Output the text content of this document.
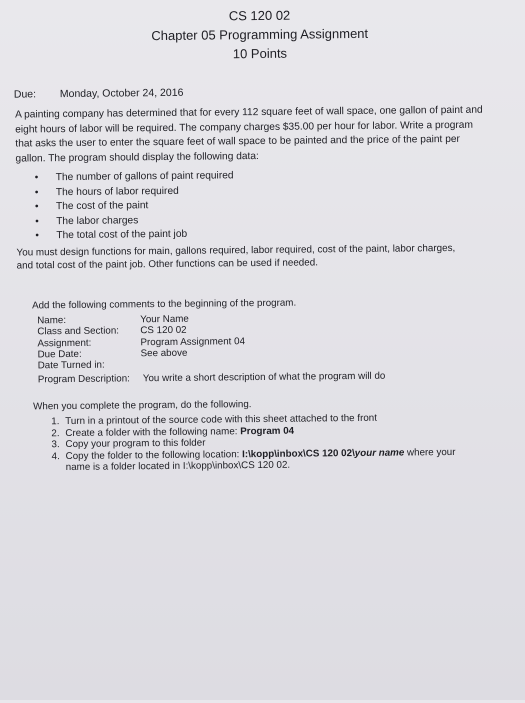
CS 120 02
Chapter 05 Programming Assignment
10 Points
Due: Monday, October 24, 2016
A painting company has determined that for every 112 square feet of wall space, one gallon of paint and
eight hours of labor will be required. The company charges $35.00 per hour for labor. Write a program
that asks the user to enter the square feet of wall space to be painted and the price of the paint per
gallon. The program should display the following data:
• The number of gallons of paint required
• The hours of labor required
• The cost of the paint
• The labor charges
• The total cost of the paint job
You must design functions for main, gallons required, labor required, cost of the paint, labor charges,
and total cost of the paint job. Other functions can be used if needed.
Add the following comments to the beginning of the program.
Name:	Your Name
Class and Section: CS 120 02
Assignment:	Program Assignment 04
Due Date:	See above
Date Turned in:
Program Description: You write a short description of what the program will do
When you complete the program, do the following.
1. Turn in a printout of the source code with this sheet attached to the front
2. Create a folder with the following name: Program 04
3. Copy your program to this folder
4. Copy the folder to the following location: I:\kopp\inbox\CS 120 02\your name where your
name is a folder located in I:\kopp\inbox\CS 120 02.
